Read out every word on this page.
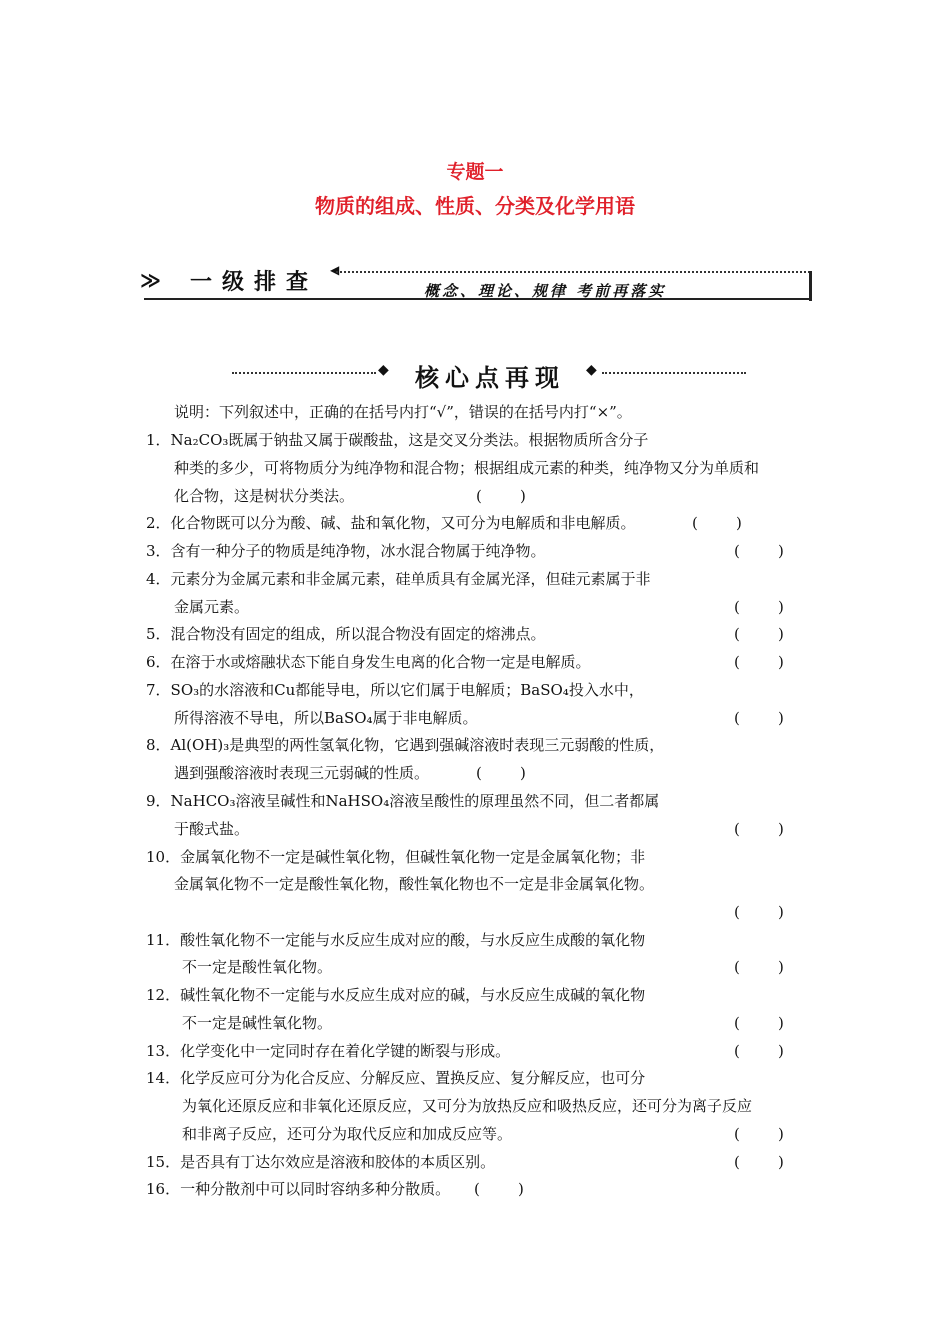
专题一
物质的组成、性质、分类及化学用语
≫ 一级排查 ◀
概念、理论、规律 考前再落实
◆	核心点再现	◆
说明：下列叙述中，正确的在括号内打“√”，错误的在括号内打“×”。
1．Na₂CO₃既属于钠盐又属于碳酸盐，这是交叉分类法。根据物质所含分子
种类的多少，可将物质分为纯净物和混合物；根据组成元素的种类，纯净物又分为单质和
化合物，这是树状分类法。	(        )
2．化合物既可以分为酸、碱、盐和氧化物，又可分为电解质和非电解质。	(        )
3．含有一种分子的物质是纯净物，冰水混合物属于纯净物。	(        )
4．元素分为金属元素和非金属元素，硅单质具有金属光泽，但硅元素属于非
金属元素。	(        )
5．混合物没有固定的组成，所以混合物没有固定的熔沸点。	(        )
6．在溶于水或熔融状态下能自身发生电离的化合物一定是电解质。	(        )
7．SO₃的水溶液和Cu都能导电，所以它们属于电解质；BaSO₄投入水中，
所得溶液不导电，所以BaSO₄属于非电解质。	(        )
8．Al(OH)₃是典型的两性氢氧化物，它遇到强碱溶液时表现三元弱酸的性质，
遇到强酸溶液时表现三元弱碱的性质。	(        )
9．NaHCO₃溶液呈碱性和NaHSO₄溶液呈酸性的原理虽然不同，但二者都属
于酸式盐。	(        )
10．金属氧化物不一定是碱性氧化物，但碱性氧化物一定是金属氧化物；非
金属氧化物不一定是酸性氧化物，酸性氧化物也不一定是非金属氧化物。
(        )
11．酸性氧化物不一定能与水反应生成对应的酸，与水反应生成酸的氧化物
不一定是酸性氧化物。	(        )
12．碱性氧化物不一定能与水反应生成对应的碱，与水反应生成碱的氧化物
不一定是碱性氧化物。	(        )
13．化学变化中一定同时存在着化学键的断裂与形成。	(        )
14．化学反应可分为化合反应、分解反应、置换反应、复分解反应，也可分
为氧化还原反应和非氧化还原反应，又可分为放热反应和吸热反应，还可分为离子反应
和非离子反应，还可分为取代反应和加成反应等。	(        )
15．是否具有丁达尔效应是溶液和胶体的本质区别。	(        )
16．一种分散剂中可以同时容纳多种分散质。 (        )
